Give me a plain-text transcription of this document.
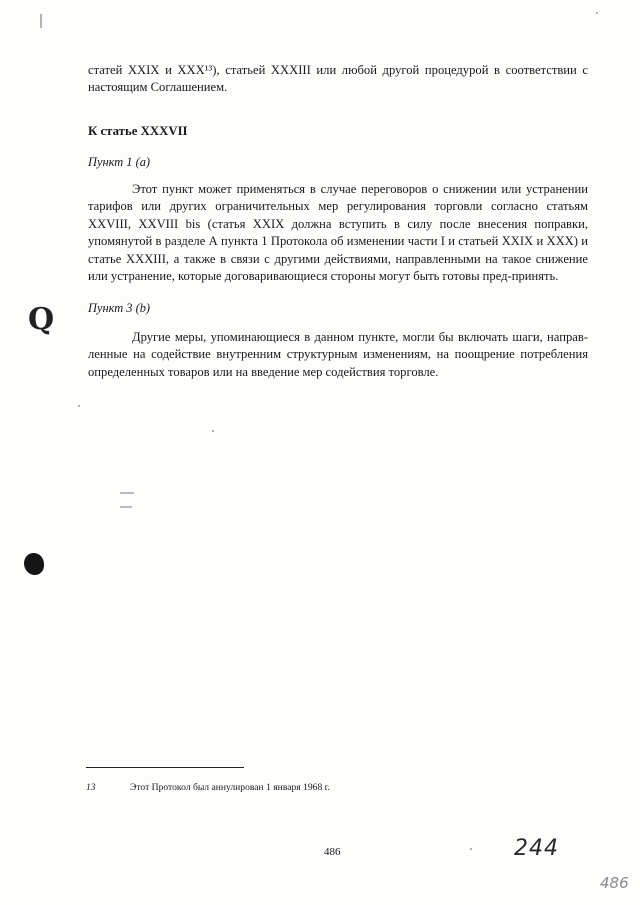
статей XXIX и XXX¹³), статьей XXXIII или любой другой процедурой в соответствии с настоящим Соглашением.
К статье XXXVII
Пункт 1 (а)
Этот пункт может применяться в случае переговоров о снижении или устранении тарифов или других ограничительных мер регулирования торговли согласно статьям XXVIII, XXVIII bis (статья XXIX должна вступить в силу после внесения поправки, упомянутой в разделе А пункта 1 Протокола об изменении части I и статьей XXIX и XXX) и статье XXXIII, а также в связи с другими действиями, направленными на такое снижение или устранение, которые договаривающиеся стороны могут быть готовы пред-принять.
Q	Пункт 3 (b)
Другие меры, упоминающиеся в данном пункте, могли бы включать шаги, направ-ленные на содействие внутренним структурным изменениям, на поощрение потребления определенных товаров или на введение мер содействия торговле.
13	Этот Протокол был аннулирован 1 января 1968 г.
486	244
486
